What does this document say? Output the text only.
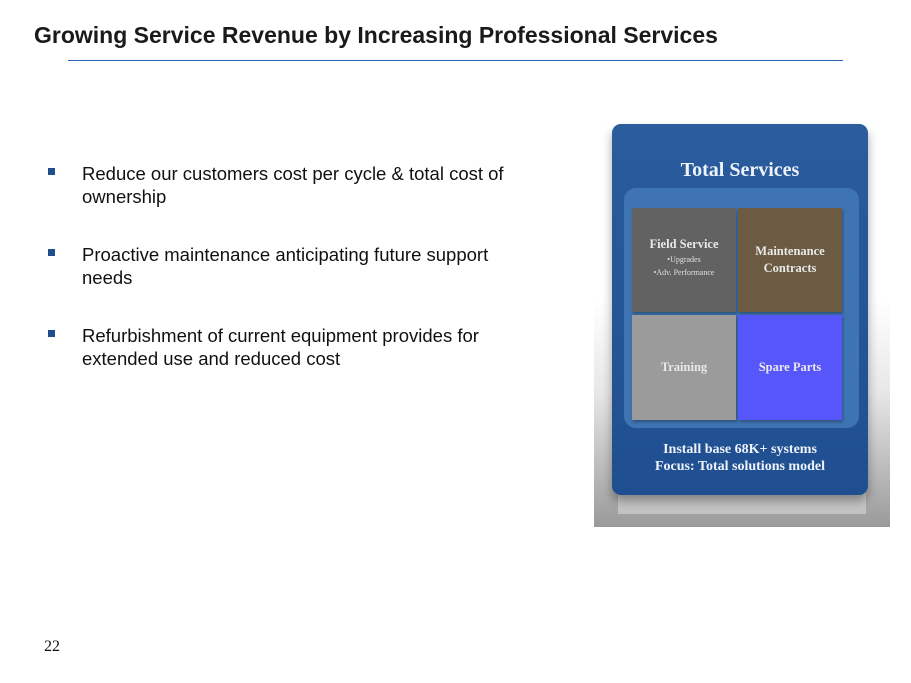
Growing Service Revenue by Increasing Professional Services
Reduce our customers cost per cycle & total cost of ownership
Proactive maintenance anticipating future support needs
Refurbishment of current equipment provides for extended use and reduced cost
Total Services
Field Service
•Upgrades
•Adv. Performance
Maintenance Contracts
Training	Spare Parts
Install base 68K+ systems
Focus: Total solutions model
22
